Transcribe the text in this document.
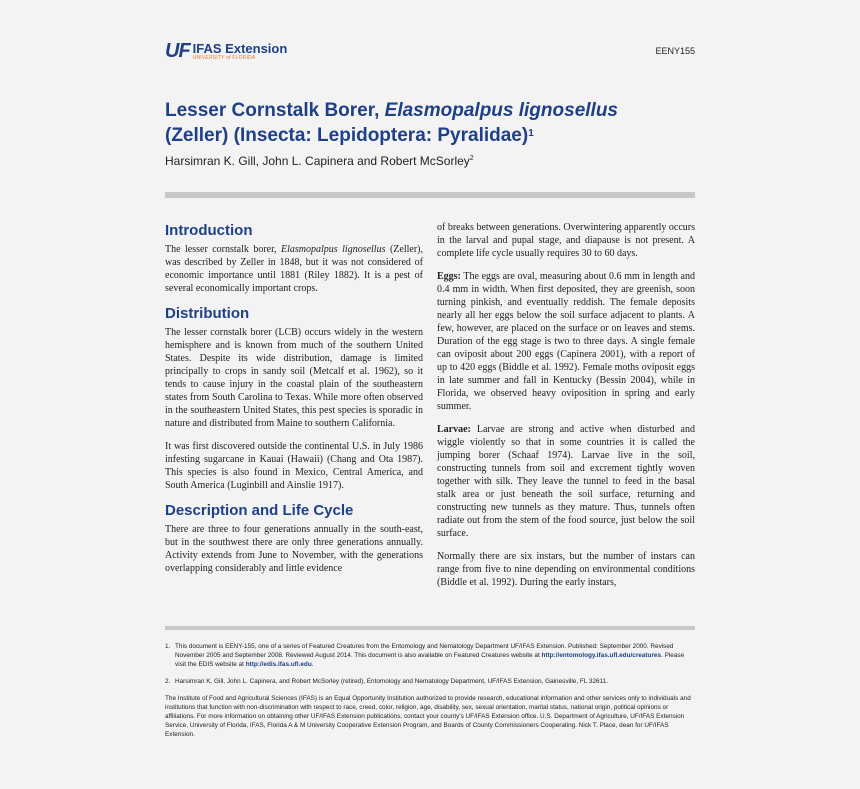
UF IFAS Extension
UNIVERSITY of FLORIDA
EENY155
Lesser Cornstalk Borer, Elasmopalpus lignosellus
(Zeller) (Insecta: Lepidoptera: Pyralidae)$^1$
Harsimran K. Gill, John L. Capinera and Robert McSorley$^2$
Introduction

The lesser cornstalk borer, Elasmopalpus lignosellus (Zeller), was described by Zeller in 1848, but it was not considered of economic importance until 1881 (Riley 1882). It is a pest of several economically important crops.

Distribution

The lesser cornstalk borer (LCB) occurs widely in the western hemisphere and is known from much of the southern United States. Despite its wide distribution, damage is limited principally to crops in sandy soil (Metcalf et al. 1962), so it tends to cause injury in the coastal plain of the southeastern states from South Carolina to Texas. While more often observed in the southeastern United States, this pest species is sporadic in nature and distributed from Maine to southern California.

It was first discovered outside the continental U.S. in July 1986 infesting sugarcane in Kauai (Hawaii) (Chang and Ota 1987). This species is also found in Mexico, Central America, and South America (Luginbill and Ainslie 1917).

Description and Life Cycle

There are three to four generations annually in the south-east, but in the southwest there are only three generations annually. Activity extends from June to November, with the generations overlapping considerably and little evidence

of breaks between generations. Overwintering apparently occurs in the larval and pupal stage, and diapause is not present. A complete life cycle usually requires 30 to 60 days.

Eggs: The eggs are oval, measuring about 0.6 mm in length and 0.4 mm in width. When first deposited, they are greenish, soon turning pinkish, and eventually reddish. The female deposits nearly all her eggs below the soil surface adjacent to plants. A few, however, are placed on the surface or on leaves and stems. Duration of the egg stage is two to three days. A single female can oviposit about 200 eggs (Capinera 2001), with a report of up to 420 eggs (Biddle et al. 1992). Female moths oviposit eggs in late summer and fall in Kentucky (Bessin 2004), while in Florida, we observed heavy oviposition in spring and early summer.

Larvae: Larvae are strong and active when disturbed and wiggle violently so that in some countries it is called the jumping borer (Schaaf 1974). Larvae live in the soil, constructing tunnels from soil and excrement tightly woven together with silk. They leave the tunnel to feed in the basal stalk area or just beneath the soil surface, returning and constructing new tunnels as they mature. Thus, tunnels often radiate out from the stem of the food source, just below the soil surface.

Normally there are six instars, but the number of instars can range from five to nine depending on environmental conditions (Biddle et al. 1992). During the early instars,

1. This document is EENY-155, one of a series of Featured Creatures from the Entomology and Nematology Department UF/IFAS Extension. Published: September 2000. Revised November 2005 and September 2008. Reviewed August 2014. This document is also available on Featured Creatures website at http://entomology.ifas.ufl.edu/creatures. Please visit the EDIS website at http://edis.ifas.ufl.edu.
2. Harsimran K. Gill, John L. Capinera, and Robert McSorley (retired), Entomology and Nematology Department, UF/IFAS Extension, Gainesville, FL 32611.
The Institute of Food and Agricultural Sciences (IFAS) is an Equal Opportunity Institution authorized to provide research, educational information and other services only to individuals and institutions that function with non-discrimination with respect to race, creed, color, religion, age, disability, sex, sexual orientation, marital status, national origin, political opinions or affiliations. For more information on obtaining other UF/IFAS Extension publications, contact your county's UF/IFAS Extension office. U.S. Department of Agriculture, UF/IFAS Extension Service, University of Florida, IFAS, Florida A & M University Cooperative Extension Program, and Boards of County Commissioners Cooperating. Nick T. Place, dean for UF/IFAS Extension.
